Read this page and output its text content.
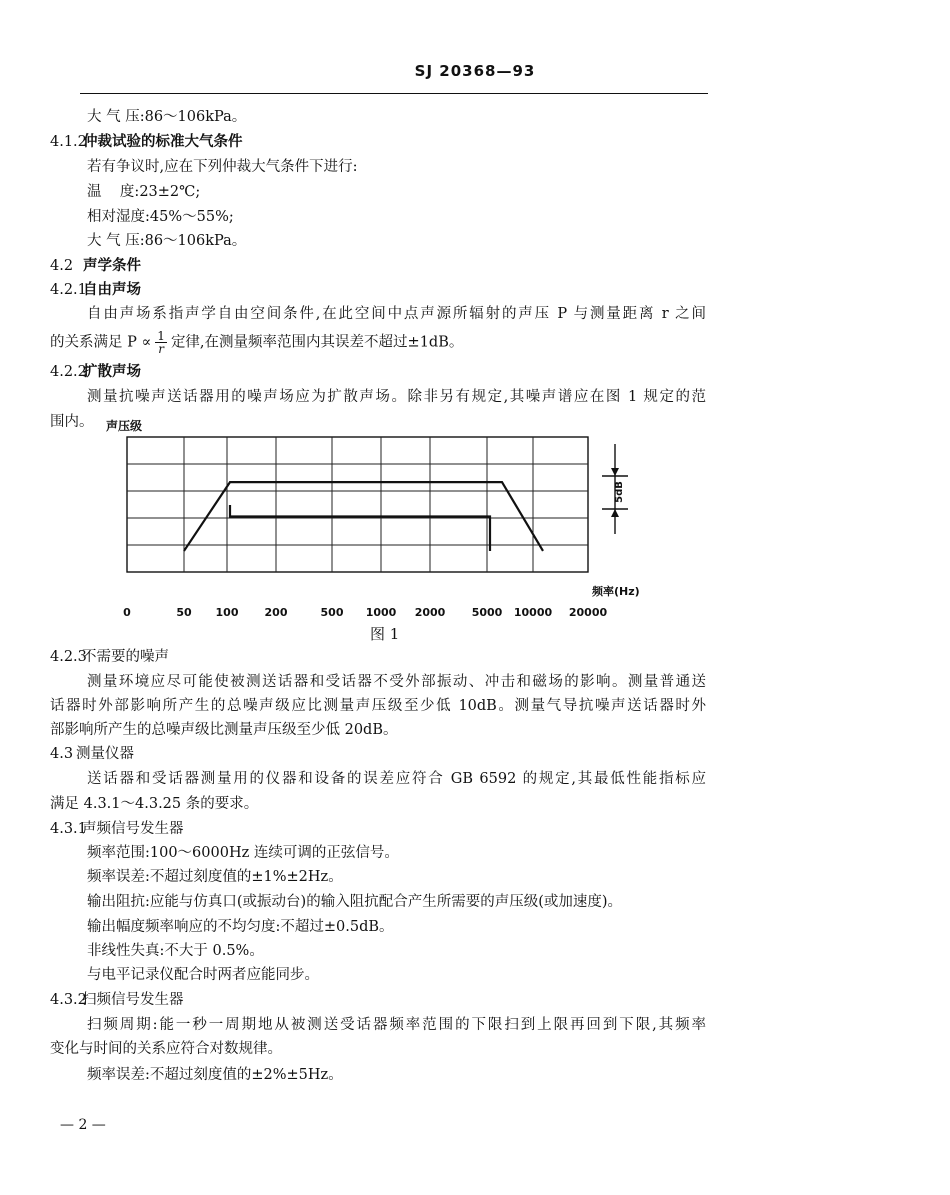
SJ 20368—93
大 气 压:86～106kPa。
4.1.2仲裁试验的标准大气条件
若有争议时,应在下列仲裁大气条件下进行:
温    度:23±2℃;
相对湿度:45%～55%;
大 气 压:86～106kPa。
4.2 声学条件
4.2.1自由声场
自由声场系指声学自由空间条件,在此空间中点声源所辐射的声压 P 与测量距离 r 之间
的关系满足 $P \propto \frac{1}{r}$ 定律,在测量频率范围内其误差不超过±1dB。
4.2.2扩散声场
测量抗噪声送话器用的噪声场应为扩散声场。除非另有规定,其噪声谱应在图 1 规定的范
围内。 声压级
5dB
频率(Hz)
0	50 100 200	500 1000 2000 5000 10000 20000
图 1
4.2.3不需要的噪声
测量环境应尽可能使被测送话器和受话器不受外部振动、冲击和磁场的影响。测量普通送
话器时外部影响所产生的总噪声级应比测量声压级至少低 10dB。测量气导抗噪声送话器时外
部影响所产生的总噪声级比测量声压级至少低 20dB。
4.3 测量仪器
送话器和受话器测量用的仪器和设备的误差应符合 GB 6592 的规定,其最低性能指标应
满足 4.3.1～4.3.25 条的要求。
4.3.1声频信号发生器
频率范围:100～6000Hz 连续可调的正弦信号。
频率误差:不超过刻度值的±1%±2Hz。
输出阻抗:应能与仿真口(或振动台)的输入阻抗配合产生所需要的声压级(或加速度)。
输出幅度频率响应的不均匀度:不超过±0.5dB。
非线性失真:不大于 0.5%。
与电平记录仪配合时两者应能同步。
4.3.2扫频信号发生器
扫频周期:能一秒一周期地从被测送受话器频率范围的下限扫到上限再回到下限,其频率
变化与时间的关系应符合对数规律。
频率误差:不超过刻度值的±2%±5Hz。
— 2 —
